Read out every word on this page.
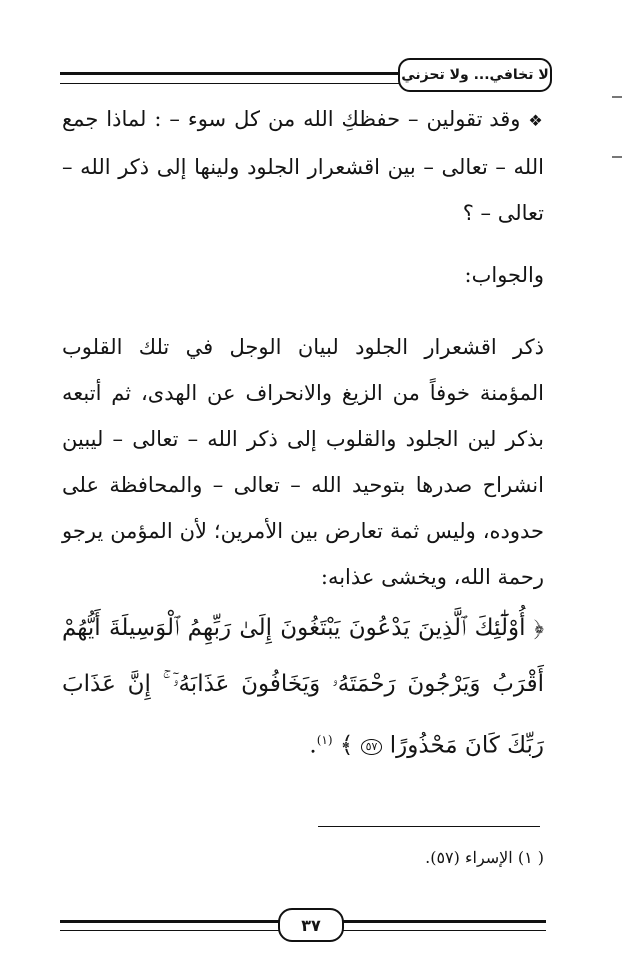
لا تخافي... ولا تحزني

❖ وقد تقولين – حفظكِ الله من كل سوء – : لماذا جمع الله – تعالى – بين اقشعرار الجلود ولينها إلى ذكر الله – تعالى – ؟

والجواب:

ذكر اقشعرار الجلود لبيان الوجل في تلك القلوب المؤمنة خوفاً من الزيغ والانحراف عن الهدى، ثم أتبعه بذكر لين الجلود والقلوب إلى ذكر الله – تعالى – ليبين انشراح صدرها بتوحيد الله – تعالى – والمحافظة على حدوده، وليس ثمة تعارض بين الأمرين؛ لأن المؤمن يرجو رحمة الله، ويخشى عذابه:

﴿ أُوْلَٰٓئِكَ ٱلَّذِينَ يَدْعُونَ يَبْتَغُونَ إِلَىٰ رَبِّهِمُ ٱلْوَسِيلَةَ أَيُّهُمْ أَقْرَبُ وَيَرْجُونَ رَحْمَتَهُۥ وَيَخَافُونَ عَذَابَهُۥٓ ۚ إِنَّ عَذَابَ رَبِّكَ كَانَ مَحْذُورًا ٥٧ ﴾ $^{(١)}$.

( ١) الإسراء (٥٧).
٣٧
